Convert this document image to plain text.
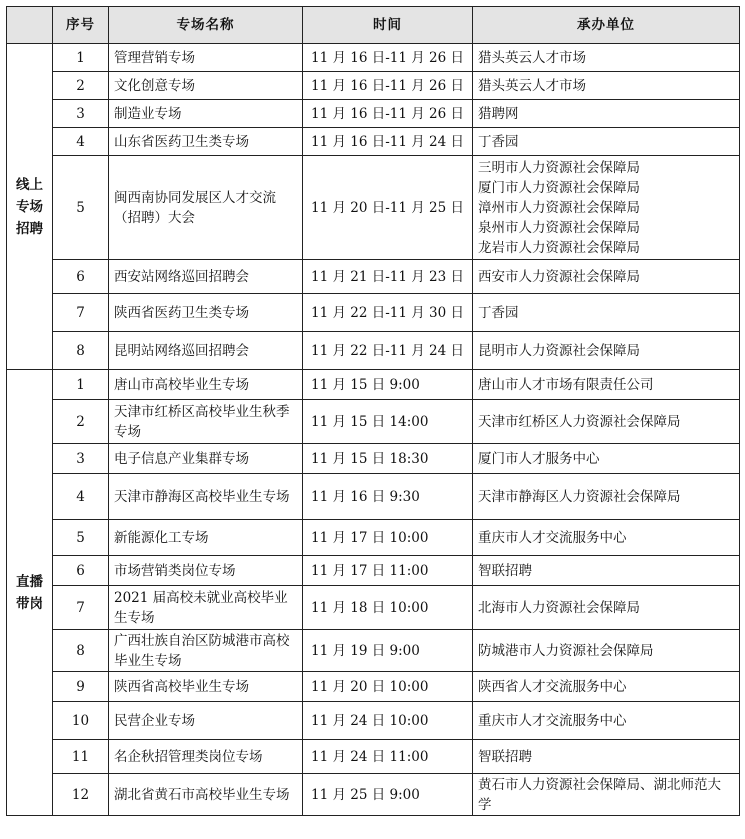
	序号	专场名称	时间	承办单位

线上
专场
招聘	1	管理营销专场	11 月 16 日-11 月 26 日	猎头英云人才市场

	2	文化创意专场	11 月 16 日-11 月 26 日	猎头英云人才市场

	3	制造业专场	11 月 16 日-11 月 26 日	猎聘网

	4	山东省医药卫生类专场	11 月 16 日-11 月 24 日	丁香园

	5	闽西南协同发展区人才交流（招聘）大会	11 月 20 日-11 月 25 日	三明市人力资源社会保障局
厦门市人力资源社会保障局
漳州市人力资源社会保障局
泉州市人力资源社会保障局
龙岩市人力资源社会保障局

	6	西安站网络巡回招聘会	11 月 21 日-11 月 23 日	西安市人力资源社会保障局

	7	陕西省医药卫生类专场	11 月 22 日-11 月 30 日	丁香园

	8	昆明站网络巡回招聘会	11 月 22 日-11 月 24 日	昆明市人力资源社会保障局

直播
带岗	1	唐山市高校毕业生专场	11 月 15 日 9:00	唐山市人才市场有限责任公司

	2	天津市红桥区高校毕业生秋季专场	11 月 15 日 14:00	天津市红桥区人力资源社会保障局

	3	电子信息产业集群专场	11 月 15 日 18:30	厦门市人才服务中心

	4	天津市静海区高校毕业生专场	11 月 16 日 9:30	天津市静海区人力资源社会保障局

	5	新能源化工专场	11 月 17 日 10:00	重庆市人才交流服务中心

	6	市场营销类岗位专场	11 月 17 日 11:00	智联招聘

	7	2021 届高校未就业高校毕业生专场	11 月 18 日 10:00	北海市人力资源社会保障局

	8	广西壮族自治区防城港市高校毕业生专场	11 月 19 日 9:00	防城港市人力资源社会保障局

	9	陕西省高校毕业生专场	11 月 20 日 10:00	陕西省人才交流服务中心

	10	民营企业专场	11 月 24 日 10:00	重庆市人才交流服务中心

	11	名企秋招管理类岗位专场	11 月 24 日 11:00	智联招聘

	12	湖北省黄石市高校毕业生专场	11 月 25 日 9:00	黄石市人力资源社会保障局、湖北师范大学
